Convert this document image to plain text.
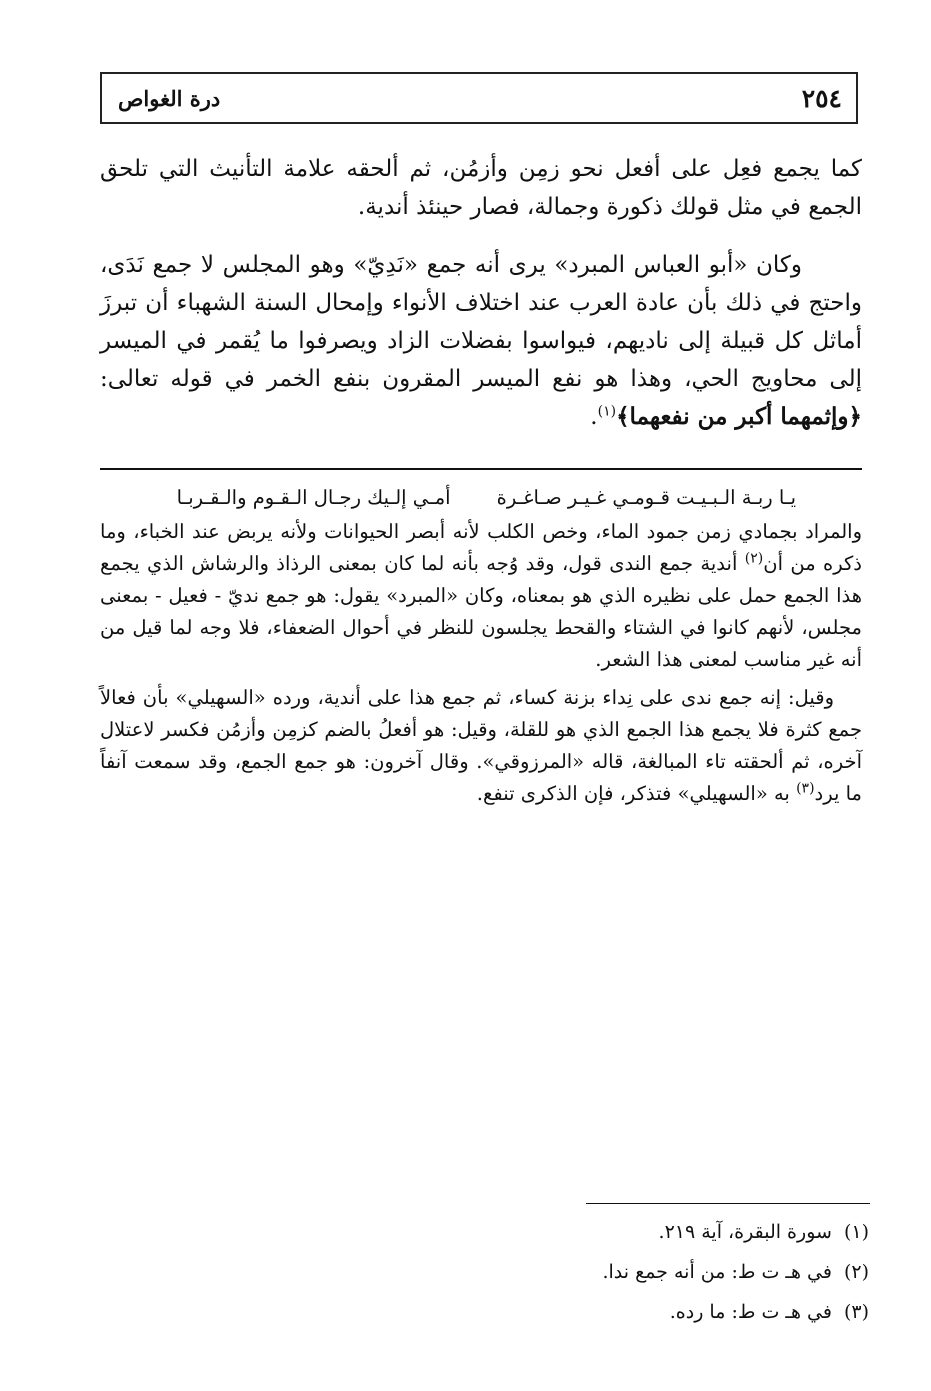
٢٥٤
درة الغواص

كما يجمع فعِل على أفعل نحو زمِن وأزمُن، ثم ألحقه علامة التأنيث التي تلحق الجمع في مثل قولك ذكورة وجمالة، فصار حينئذ أندية.

وكان «أبو العباس المبرد» يرى أنه جمع «نَدِيّ» وهو المجلس لا جمع نَدَى، واحتج في ذلك بأن عادة العرب عند اختلاف الأنواء وإمحال السنة الشهباء أن تبرزَ أماثل كل قبيلة إلى ناديهم، فيواسوا بفضلات الزاد ويصرفوا ما يُقمر في الميسر إلى محاويج الحي، وهذا هو نفع الميسر المقرون بنفع الخمر في قوله تعالى: ﴿وإثمهما أكبر من نفعهما﴾$^{(١)}$.

يـا ربـة الـبـيـت قـومـي غـيـر صـاغـرة
أمـي إلـيك رجـال الـقـوم والـقـربـا

والمراد بجمادي زمن جمود الماء، وخص الكلب لأنه أبصر الحيوانات ولأنه يربض عند الخباء، وما ذكره من أن$^{(٢)}$ أندية جمع الندى قول، وقد وُجه بأنه لما كان بمعنى الرذاذ والرشاش الذي يجمع هذا الجمع حمل على نظيره الذي هو بمعناه، وكان «المبرد» يقول: هو جمع نديّ - فعيل - بمعنى مجلس، لأنهم كانوا في الشتاء والقحط يجلسون للنظر في أحوال الضعفاء، فلا وجه لما قيل من أنه غير مناسب لمعنى هذا الشعر.

وقيل: إنه جمع ندى على نِداء بزنة كساء، ثم جمع هذا على أندية، ورده «السهيلي» بأن فعالاً جمع كثرة فلا يجمع هذا الجمع الذي هو للقلة، وقيل: هو أفعلُ بالضم كزمِن وأزمُن فكسر لاعتلال آخره، ثم ألحقته تاء المبالغة، قاله «المرزوقي». وقال آخرون: هو جمع الجمع، وقد سمعت آنفاً ما يرد$^{(٣)}$ به «السهيلي» فتذكر، فإن الذكرى تنفع.

(١)
سورة البقرة، آية ٢١٩.
(٢)
في هـ ت ط: من أنه جمع ندا.
(٣)
في هـ ت ط: ما رده.
